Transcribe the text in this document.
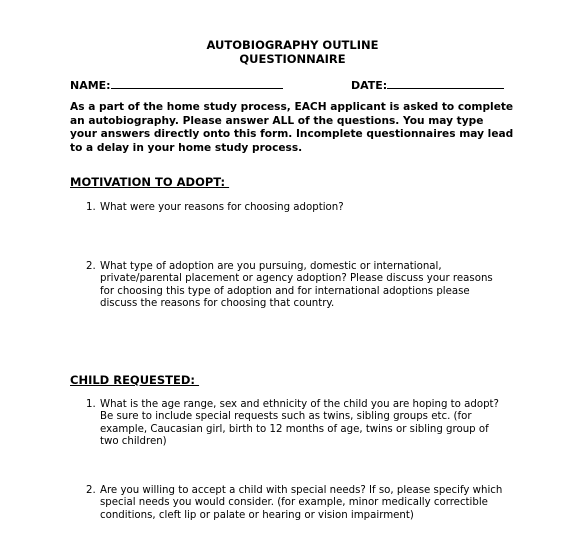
AUTOBIOGRAPHY OUTLINE
QUESTIONNAIRE
NAME:	DATE:
As a part of the home study process, EACH applicant is asked to complete
an autobiography. Please answer ALL of the questions. You may type
your answers directly onto this form. Incomplete questionnaires may lead
to a delay in your home study process.
MOTIVATION TO ADOPT:
1. What were your reasons for choosing adoption?
2. What type of adoption are you pursuing, domestic or international,
private/parental placement or agency adoption? Please discuss your reasons
for choosing this type of adoption and for international adoptions please
discuss the reasons for choosing that country.
CHILD REQUESTED:
1. What is the age range, sex and ethnicity of the child you are hoping to adopt?
Be sure to include special requests such as twins, sibling groups etc. (for
example, Caucasian girl, birth to 12 months of age, twins or sibling group of
two children)
2. Are you willing to accept a child with special needs? If so, please specify which
special needs you would consider. (for example, minor medically correctible
conditions, cleft lip or palate or hearing or vision impairment)
